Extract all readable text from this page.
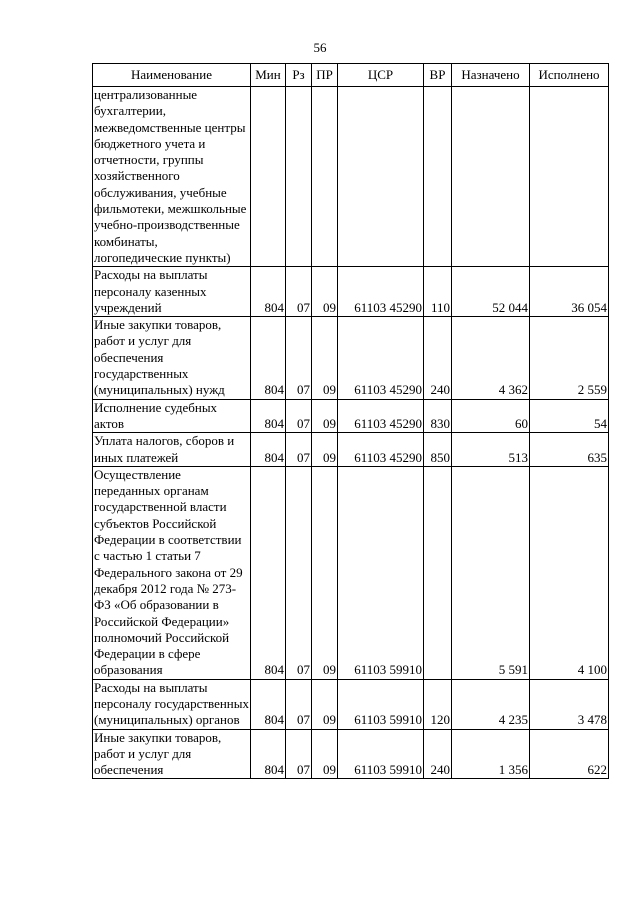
56
Наименование	Мин	Рз	ПР	ЦСР	ВР	Назначено	Исполнено
централизованные бухгалтерии, межведомственные центры бюджетного учета и отчетности, группы хозяйственного обслуживания, учебные фильмотеки, межшкольные учебно-производственные комбинаты, логопедические пункты)							
Расходы на выплаты персоналу казенных учреждений	804	07	09	61103 45290	110	52 044	36 054
Иные закупки товаров, работ и услуг для обеспечения государственных (муниципальных) нужд	804	07	09	61103 45290	240	4 362	2 559
Исполнение судебных актов	804	07	09	61103 45290	830	60	54
Уплата налогов, сборов и иных платежей	804	07	09	61103 45290	850	513	635
Осуществление переданных органам государственной власти субъектов Российской Федерации в соответствии с частью 1 статьи 7 Федерального закона от 29 декабря 2012 года № 273-ФЗ «Об образовании в Российской Федерации» полномочий Российской Федерации в сфере образования	804	07	09	61103 59910		5 591	4 100
Расходы на выплаты персоналу государственных (муниципальных) органов	804	07	09	61103 59910	120	4 235	3 478
Иные закупки товаров, работ и услуг для обеспечения	804	07	09	61103 59910	240	1 356	622
